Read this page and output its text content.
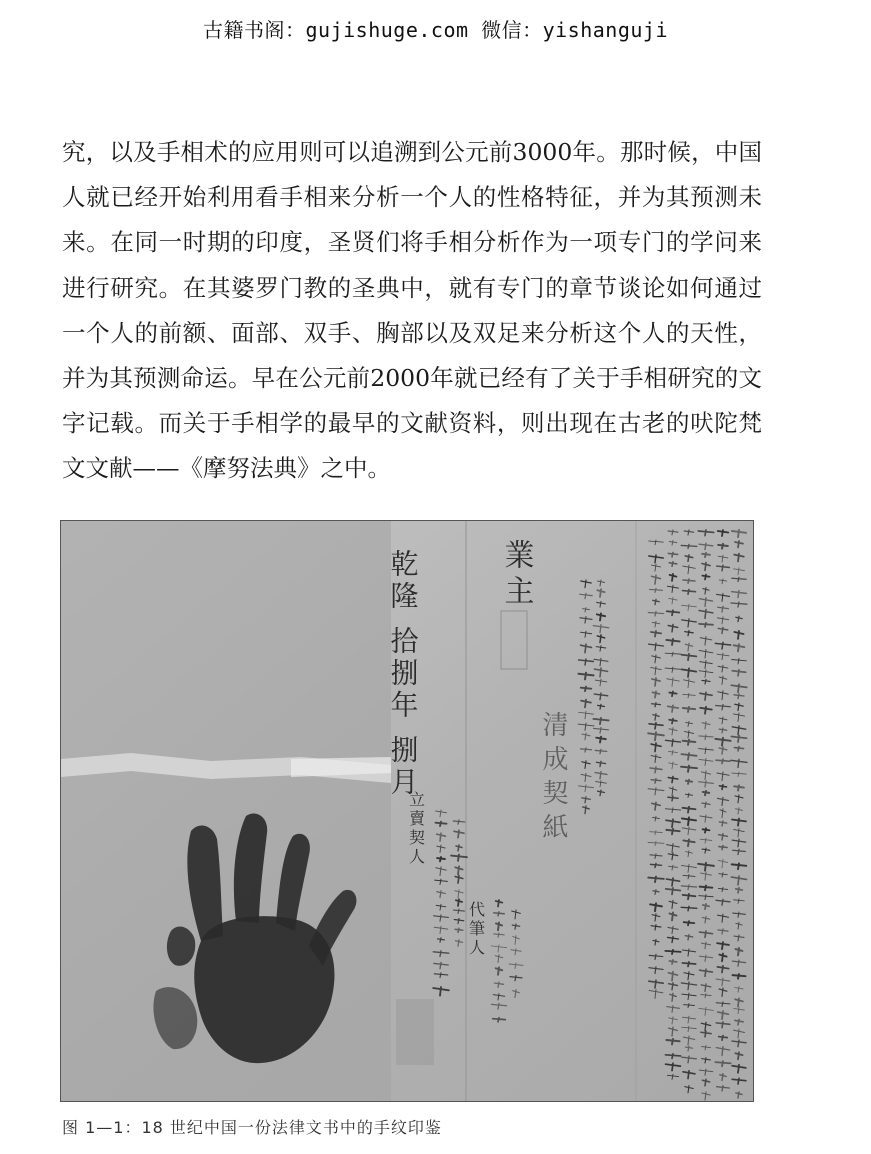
古籍书阁：gujishuge.com 微信：yishanguji

究，以及手相术的应用则可以追溯到公元前3000年。那时候，中国人就已经开始利用看手相来分析一个人的性格特征，并为其预测未来。在同一时期的印度，圣贤们将手相分析作为一项专门的学问来进行研究。在其婆罗门教的圣典中，就有专门的章节谈论如何通过一个人的前额、面部、双手、胸部以及双足来分析这个人的天性，并为其预测命运。早在公元前2000年就已经有了关于手相研究的文字记载。而关于手相学的最早的文献资料，则出现在古老的吠陀梵文文献——《摩努法典》之中。

乾隆 拾捌年 捌月	業主
清成契紙
立賣契人
代筆人
图 1—1：18 世纪中国一份法律文书中的手纹印鉴
